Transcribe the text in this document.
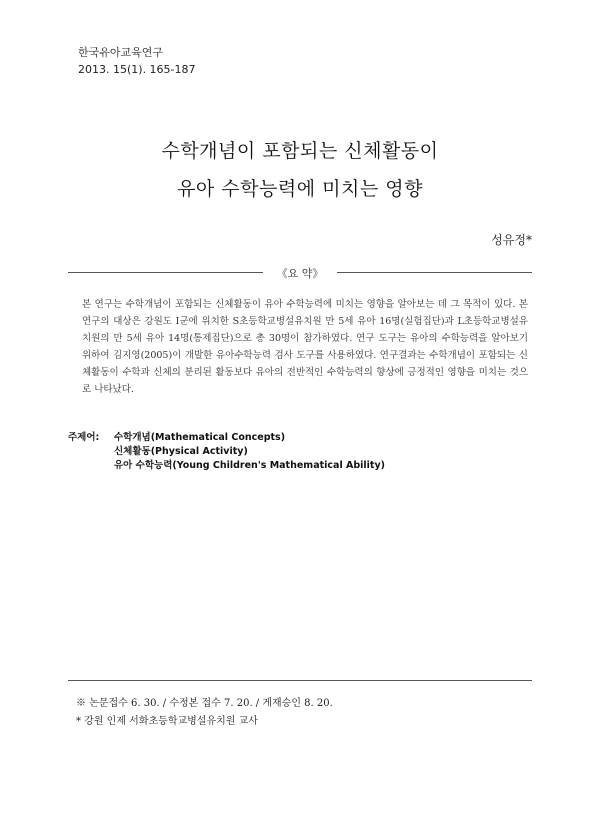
한국유아교육연구
2013. 15(1). 165-187
수학개념이 포함되는 신체활동이
유아 수학능력에 미치는 영향
성유정*
《요 약》

본 연구는 수학개념이 포함되는 신체활동이 유아 수학능력에 미치는 영향을 알아보는 데 그 목적이 있다. 본 연구의 대상은 강원도 I군에 위치한 S초등학교병설유치원 만 5세 유아 16명(실험집단)과 L초등학교병설유치원의 만 5세 유아 14명(통제집단)으로 총 30명이 참가하였다. 연구 도구는 유아의 수학능력을 알아보기 위하여 김지영(2005)이 개발한 유아수학능력 검사 도구를 사용하였다. 연구결과는 수학개념이 포함되는 신체활동이 수학과 신체의 분리된 활동보다 유아의 전반적인 수학능력의 향상에 긍정적인 영향을 미치는 것으로 나타났다.

주제어: 수학개념(Mathematical Concepts)
신체활동(Physical Activity)
유아 수학능력(Young Children's Mathematical Ability)
※ 논문접수 6. 30. / 수정본 접수 7. 20. / 게재승인 8. 20.
* 강원 인제 서화초등학교병설유치원 교사
